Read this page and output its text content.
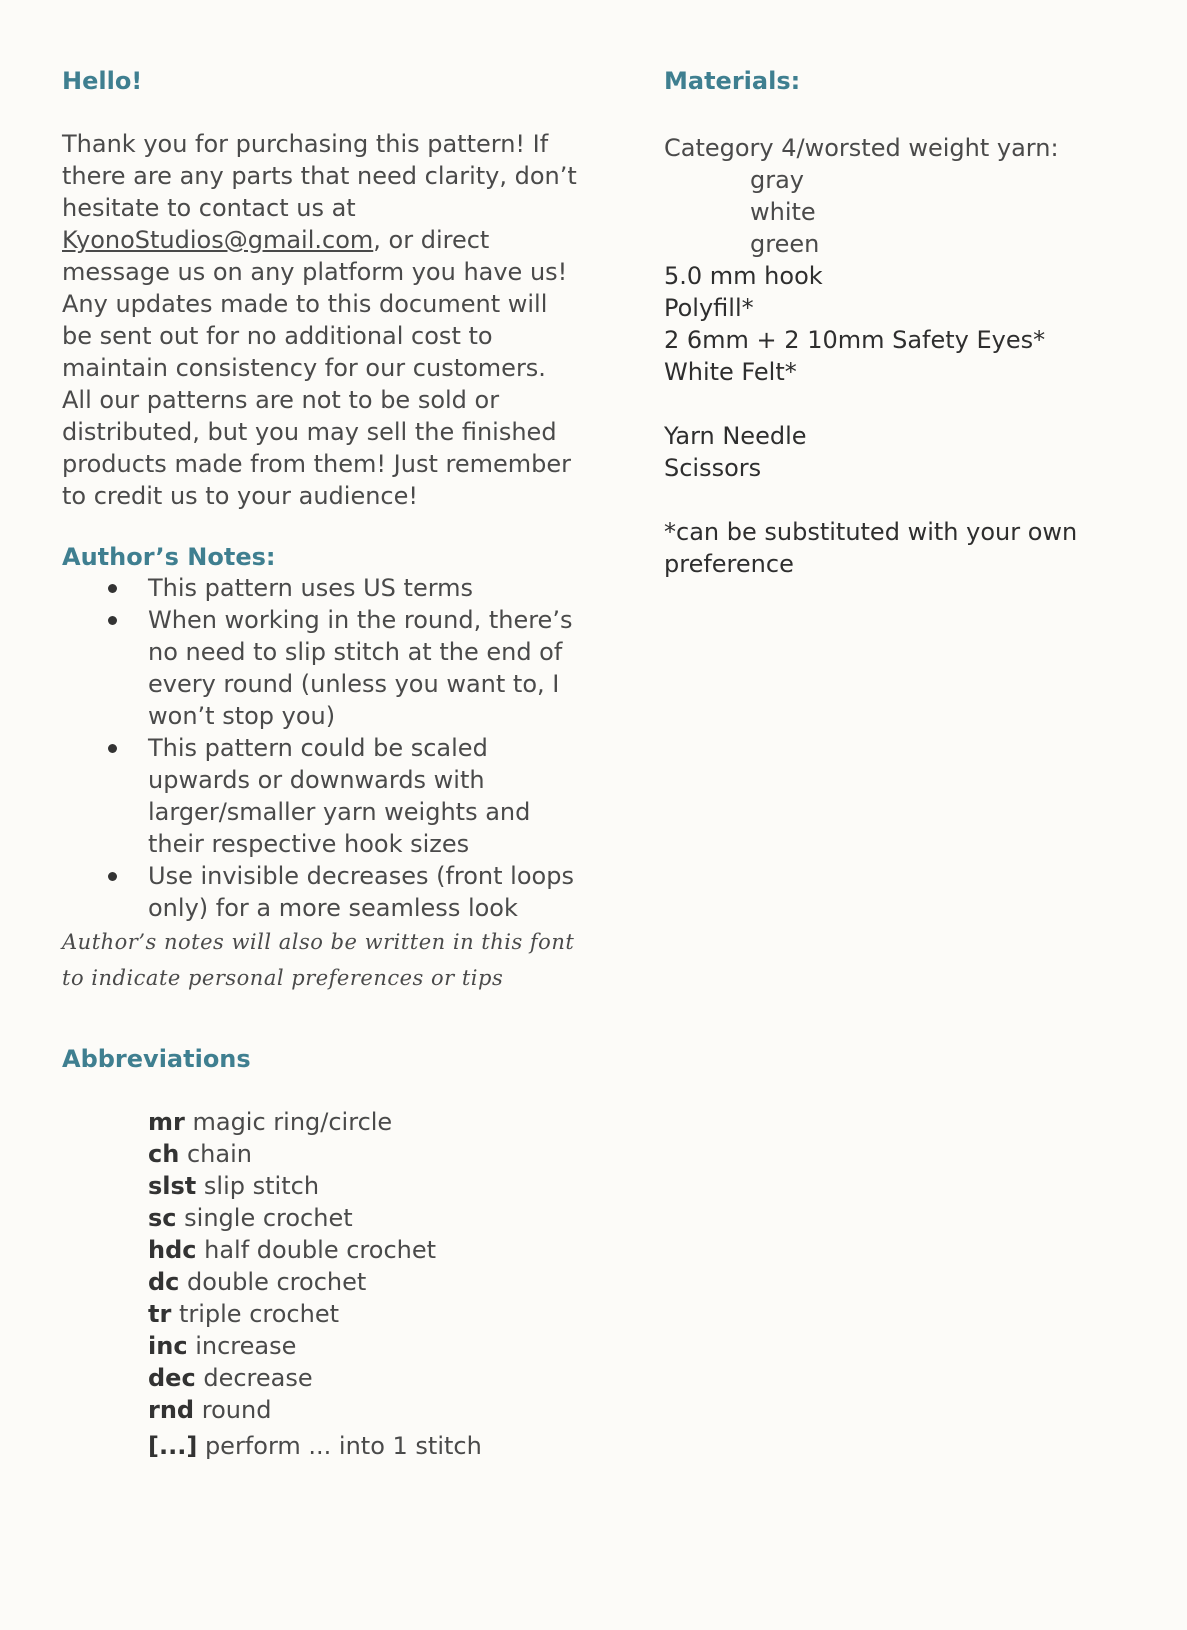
Hello!

Thank you for purchasing this pattern! If there are any parts that need clarity, don’t hesitate to contact us at KyonoStudios@gmail.com, or direct message us on any platform you have us! Any updates made to this document will be sent out for no additional cost to maintain consistency for our customers. All our patterns are not to be sold or distributed, but you may sell the finished products made from them! Just remember to credit us to your audience!

Author’s Notes:
This pattern uses US terms
When working in the round, there’s no need to slip stitch at the end of every round (unless you want to, I won’t stop you)
This pattern could be scaled upwards or downwards with larger/smaller yarn weights and their respective hook sizes
Use invisible decreases (front loops only) for a more seamless look

Author’s notes will also be written in this font to indicate personal preferences or tips

Abbreviations
mr magic ring/circle
ch chain
slst slip stitch
sc single crochet
hdc half double crochet
dc double crochet
tr triple crochet
inc increase
dec decrease
rnd round
[...] perform ... into 1 stitch
Materials:
Category 4/worsted weight yarn:
gray
white
green
5.0 mm hook
Polyfill*
2 6mm + 2 10mm Safety Eyes*
White Felt*
Yarn Needle
Scissors
*can be substituted with your own preference
